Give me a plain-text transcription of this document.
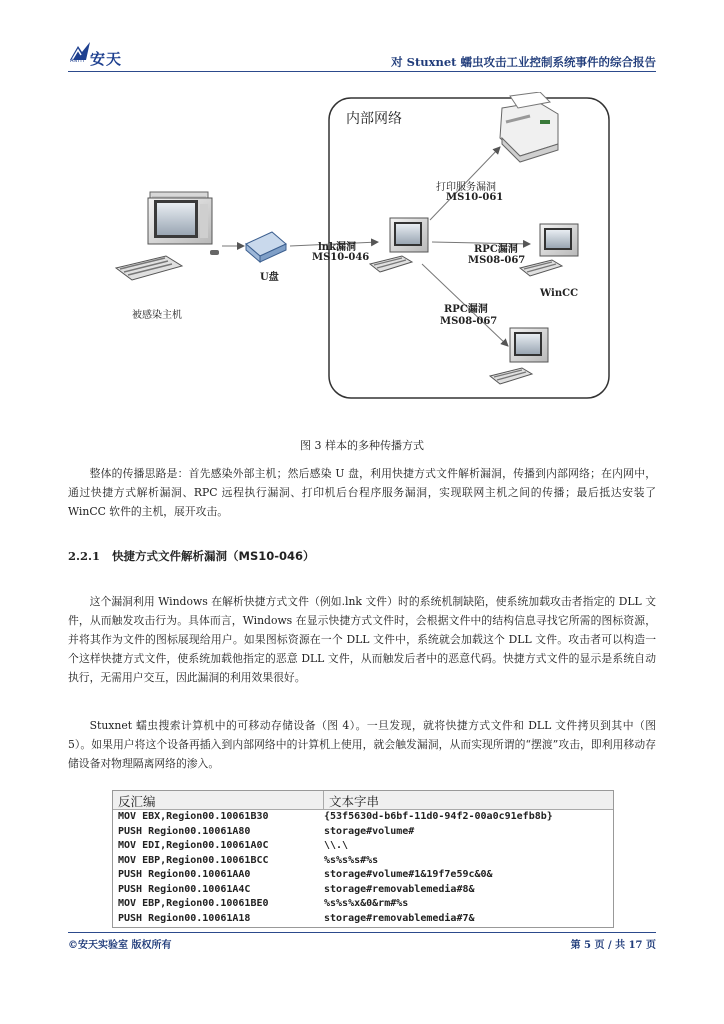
安天
ANTIY	对 Stuxnet 蠕虫攻击工业控制系统事件的综合报告
内部网络
被感染主机
U盘
lnk漏洞
MS10-046
打印服务漏洞
MS10-061
RPC漏洞
MS08-067
WinCC
RPC漏洞
MS08-067
图 3 样本的多种传播方式

整体的传播思路是：首先感染外部主机；然后感染 U 盘，利用快捷方式文件解析漏洞，传播到内部网络；在内网中，通过快捷方式解析漏洞、RPC 远程执行漏洞、打印机后台程序服务漏洞，实现联网主机之间的传播；最后抵达安装了 WinCC 软件的主机，展开攻击。

2.2.1 快捷方式文件解析漏洞（MS10-046）

这个漏洞利用 Windows 在解析快捷方式文件（例如.lnk 文件）时的系统机制缺陷，使系统加载攻击者指定的 DLL 文件，从而触发攻击行为。具体而言，Windows 在显示快捷方式文件时，会根据文件中的结构信息寻找它所需的图标资源，并将其作为文件的图标展现给用户。如果图标资源在一个 DLL 文件中，系统就会加载这个 DLL 文件。攻击者可以构造一个这样快捷方式文件，使系统加载他指定的恶意 DLL 文件，从而触发后者中的恶意代码。快捷方式文件的显示是系统自动执行，无需用户交互，因此漏洞的利用效果很好。

Stuxnet 蠕虫搜索计算机中的可移动存储设备（图 4）。一旦发现，就将快捷方式文件和 DLL 文件拷贝到其中（图 5）。如果用户将这个设备再插入到内部网络中的计算机上使用，就会触发漏洞，从而实现所谓的“摆渡”攻击，即利用移动存储设备对物理隔离网络的渗入。

反汇编	文本字串
MOV EBX,Region00.10061B30	{53f5630d-b6bf-11d0-94f2-00a0c91efb8b}
PUSH Region00.10061A80	storage#volume#
MOV EDI,Region00.10061A0C	\\.\
MOV EBP,Region00.10061BCC	%s%s%s#%s
PUSH Region00.10061AA0	storage#volume#1&19f7e59c&0&
PUSH Region00.10061A4C	storage#removablemedia#8&
MOV EBP,Region00.10061BE0	%s%s%x&0&rm#%s
PUSH Region00.10061A18	storage#removablemedia#7&
©安天实验室 版权所有	第 5 页 / 共 17 页
